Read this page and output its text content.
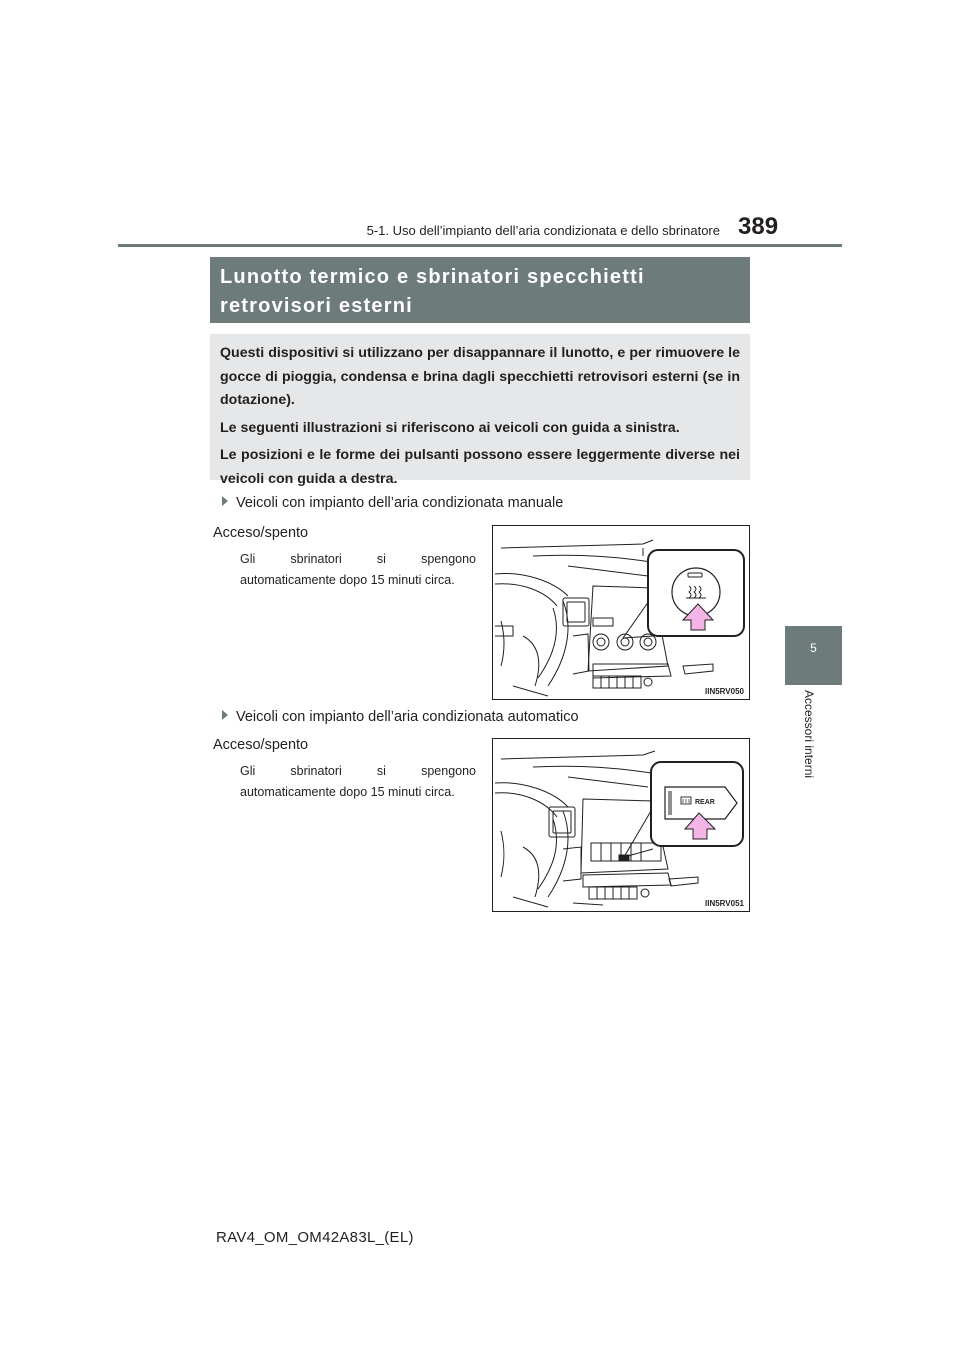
5-1. Uso dell’impianto dell’aria condizionata e dello sbrinatore 389
5
Accessori interni
Lunotto termico e sbrinatori specchietti
retrovisori esterni

Questi dispositivi si utilizzano per disappannare il lunotto, e per rimuovere le gocce di pioggia, condensa e brina dagli specchietti retrovisori esterni (se in dotazione).

Le seguenti illustrazioni si riferiscono ai veicoli con guida a sinistra.

Le posizioni e le forme dei pulsanti possono essere leggermente diverse nei veicoli con guida a destra.

Veicoli con impianto dell’aria condizionata manuale
Acceso/spento
Gli sbrinatori si spengono automaticamente dopo 15 minuti circa.
IIN5RV050
Veicoli con impianto dell’aria condizionata automatico
Acceso/spento
Gli sbrinatori si spengono automaticamente dopo 15 minuti circa.
REAR
IIN5RV051
RAV4_OM_OM42A83L_(EL)
